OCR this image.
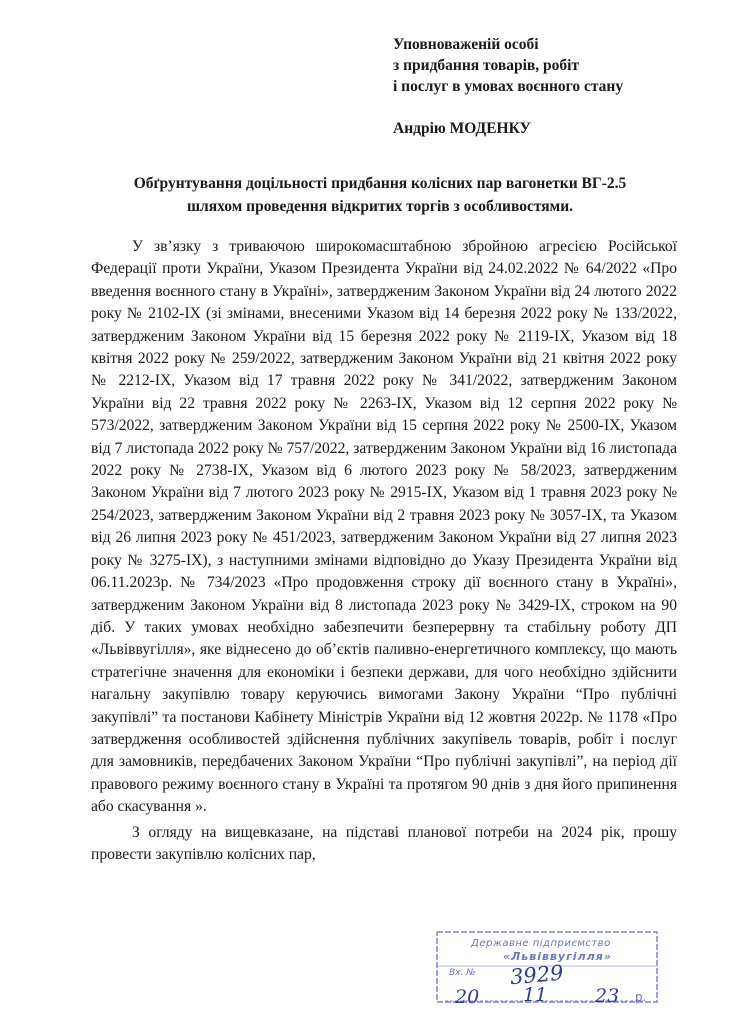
Уповноваженій особі
з придбання товарів, робіт
і послуг в умовах воєнного стану
Андрію МОДЕНКУ
Обґрунтування доцільності придбання колісних пар вагонетки ВГ-2.5
шляхом проведення відкритих торгів з особливостями.

У зв’язку з триваючою широкомасштабною збройною агресією Російської Федерації проти України, Указом Президента України від 24.02.2022 № 64/2022 «Про введення воєнного стану в Україні», затвердженим Законом України від 24 лютого 2022 року № 2102-IX (зі змінами, внесеними Указом від 14 березня 2022 року № 133/2022, затвердженим Законом України від 15 березня 2022 року № 2119-IX, Указом від 18 квітня 2022 року № 259/2022, затвердженим Законом України від 21 квітня 2022 року № 2212-IX, Указом від 17 травня 2022 року № 341/2022, затвердженим Законом України від 22 травня 2022 року № 2263-IX, Указом від 12 серпня 2022 року № 573/2022, затвердженим Законом України від 15 серпня 2022 року № 2500-IX, Указом від 7 листопада 2022 року № 757/2022, затвердженим Законом України від 16 листопада 2022 року № 2738-IX, Указом від 6 лютого 2023 року № 58/2023, затвердженим Законом України від 7 лютого 2023 року № 2915-IX, Указом від 1 травня 2023 року № 254/2023, затвердженим Законом України від 2 травня 2023 року № 3057-IX, та Указом від 26 липня 2023 року № 451/2023, затвердженим Законом України від 27 липня 2023 року № 3275-IX), з наступними змінами відповідно до Указу Президента України від 06.11.2023р. № 734/2023 «Про продовження строку дії воєнного стану в Україні», затвердженим Законом України від 8 листопада 2023 року № 3429-IX, строком на 90 діб. У таких умовах необхідно забезпечити безперервну та стабільну роботу ДП «Львіввугілля», яке віднесено до об’єктів паливно-енергетичного комплексу, що мають стратегічне значення для економіки і безпеки держави, для чого необхідно здійснити нагальну закупівлю товару керуючись вимогами Закону України “Про публічні закупівлі” та постанови Кабінету Міністрів України від 12 жовтня 2022р. № 1178 «Про затвердження особливостей здійснення публічних закупівель товарів, робіт і послуг для замовників, передбачених Законом України “Про публічні закупівлі”, на період дії правового режиму воєнного стану в Україні та протягом 90 днів з дня його припинення або скасування ».

З огляду на вищевказане, на підставі планової потреби на 2024 рік, прошу провести закупівлю колісних пар,

Державне підприємство
«Львіввугілля»
Вх. № 3929
20 11	23 р.
